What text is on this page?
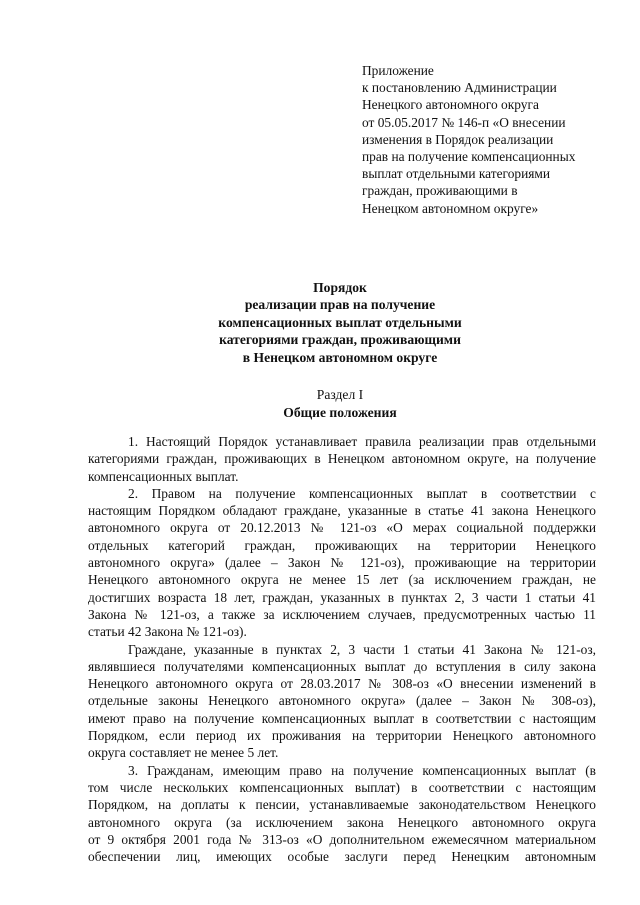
Приложение
к постановлению Администрации
Ненецкого автономного округа
от 05.05.2017 № 146-п «О внесении
изменения в Порядок реализации
прав на получение компенсационных
выплат отдельными категориями
граждан, проживающими в
Ненецком автономном округе»
Порядок
реализации прав на получение
компенсационных выплат отдельными
категориями граждан, проживающими
в Ненецком автономном округе
Раздел I
Общие положения
1. Настоящий Порядок устанавливает правила реализации прав отдельными
категориями граждан, проживающих в Ненецком автономном округе, на получение
компенсационных выплат.
2. Правом на получение компенсационных выплат в соответствии с
настоящим Порядком обладают граждане, указанные в статье 41 закона Ненецкого
автономного округа от 20.12.2013 № 121-оз «О мерах социальной поддержки
отдельных категорий граждан, проживающих на территории Ненецкого
автономного округа» (далее – Закон № 121-оз), проживающие на территории
Ненецкого автономного округа не менее 15 лет (за исключением граждан, не
достигших возраста 18 лет, граждан, указанных в пунктах 2, 3 части 1 статьи 41
Закона № 121-оз, а также за исключением случаев, предусмотренных частью 11
статьи 42 Закона № 121-оз).
Граждане, указанные в пунктах 2, 3 части 1 статьи 41 Закона № 121-оз,
являвшиеся получателями компенсационных выплат до вступления в силу закона
Ненецкого автономного округа от 28.03.2017 № 308-оз «О внесении изменений в
отдельные законы Ненецкого автономного округа» (далее – Закон № 308-оз),
имеют право на получение компенсационных выплат в соответствии с настоящим
Порядком, если период их проживания на территории Ненецкого автономного
округа составляет не менее 5 лет.
3. Гражданам, имеющим право на получение компенсационных выплат (в
том числе нескольких компенсационных выплат) в соответствии с настоящим
Порядком, на доплаты к пенсии, устанавливаемые законодательством Ненецкого
автономного округа (за исключением закона Ненецкого автономного округа
от 9 октября 2001 года № 313-оз «О дополнительном ежемесячном материальном
обеспечении лиц, имеющих особые заслуги перед Ненецким автономным
